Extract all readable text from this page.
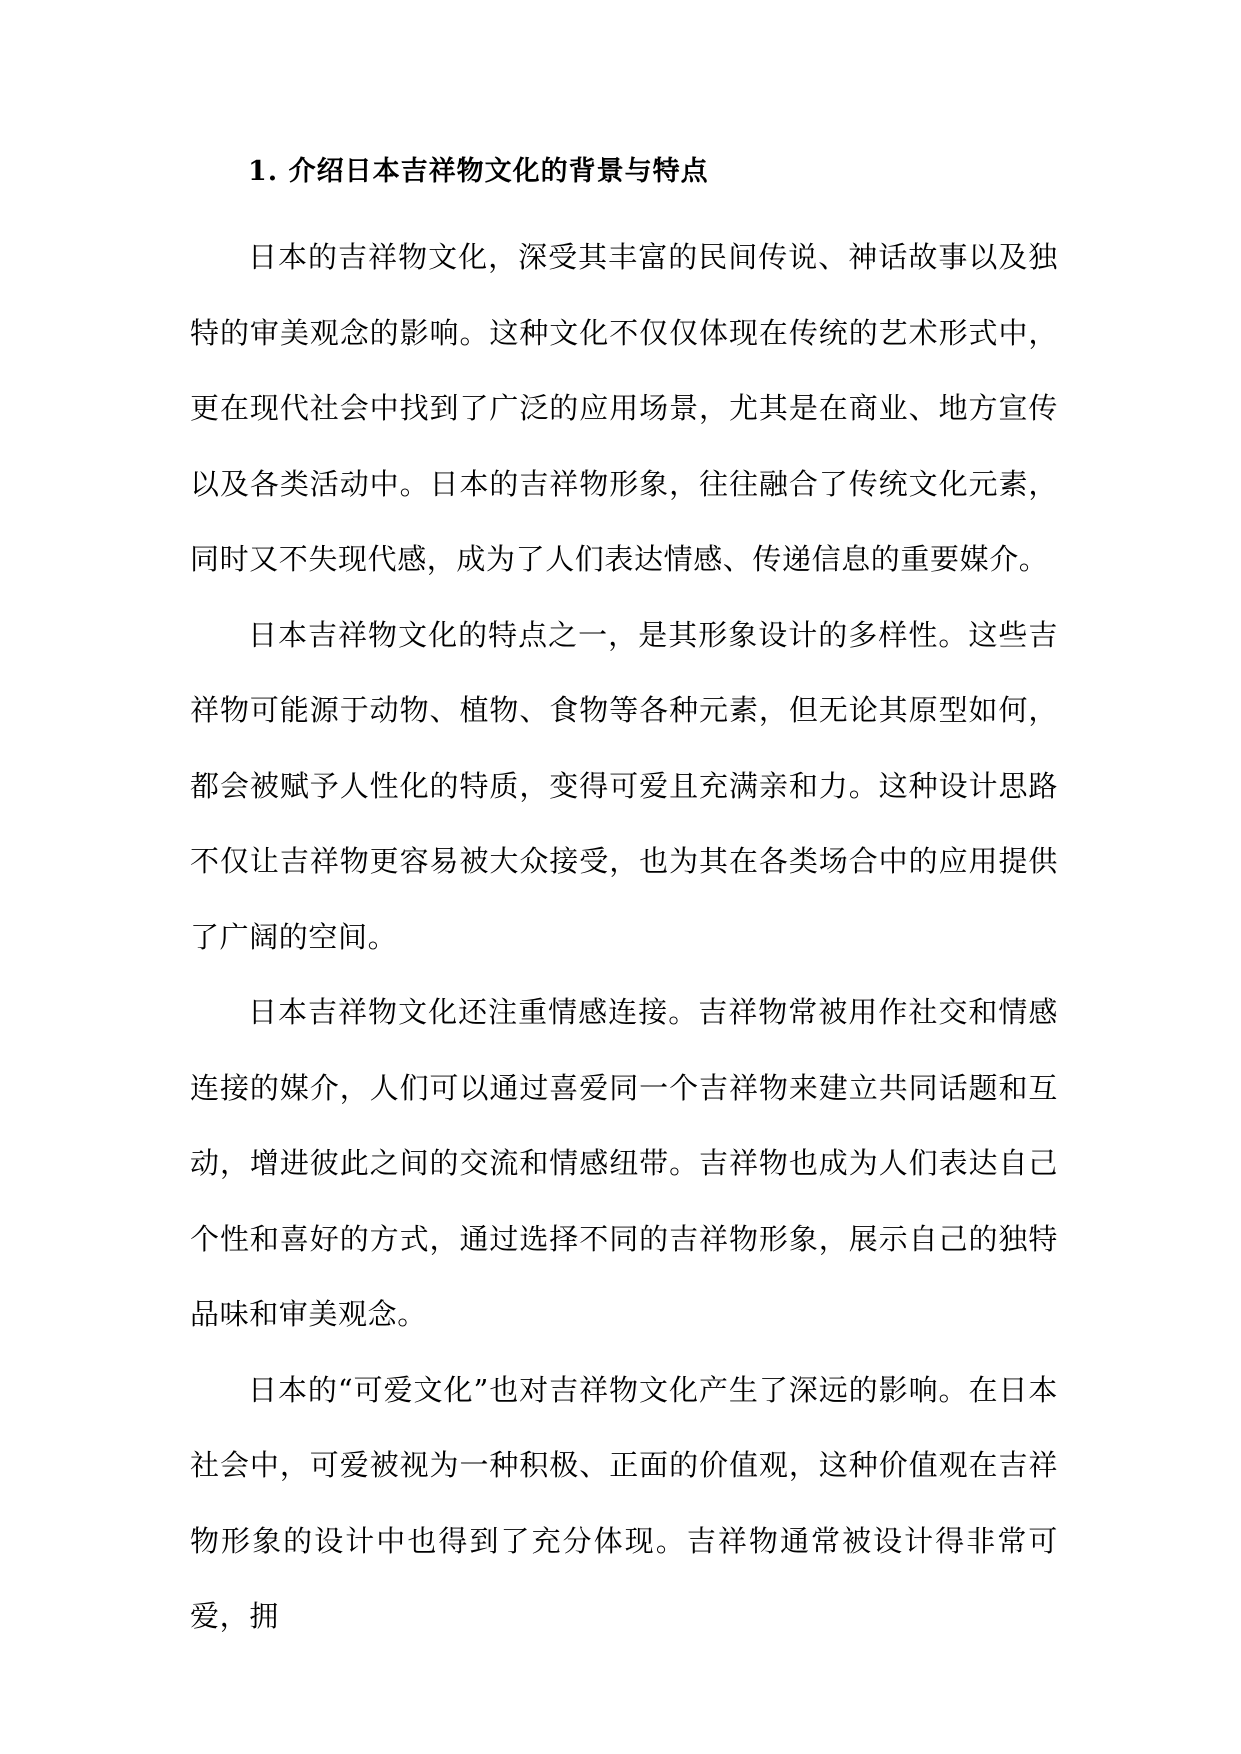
1. 介绍日本吉祥物文化的背景与特点

日本的吉祥物文化，深受其丰富的民间传说、神话故事以及独特的审美观念的影响。这种文化不仅仅体现在传统的艺术形式中，更在现代社会中找到了广泛的应用场景，尤其是在商业、地方宣传以及各类活动中。日本的吉祥物形象，往往融合了传统文化元素，同时又不失现代感，成为了人们表达情感、传递信息的重要媒介。

日本吉祥物文化的特点之一，是其形象设计的多样性。这些吉祥物可能源于动物、植物、食物等各种元素，但无论其原型如何，都会被赋予人性化的特质，变得可爱且充满亲和力。这种设计思路不仅让吉祥物更容易被大众接受，也为其在各类场合中的应用提供了广阔的空间。

日本吉祥物文化还注重情感连接。吉祥物常被用作社交和情感连接的媒介，人们可以通过喜爱同一个吉祥物来建立共同话题和互动，增进彼此之间的交流和情感纽带。吉祥物也成为人们表达自己个性和喜好的方式，通过选择不同的吉祥物形象，展示自己的独特品味和审美观念。

日本的“可爱文化”也对吉祥物文化产生了深远的影响。在日本社会中，可爱被视为一种积极、正面的价值观，这种价值观在吉祥物形象的设计中也得到了充分体现。吉祥物通常被设计得非常可爱，拥
